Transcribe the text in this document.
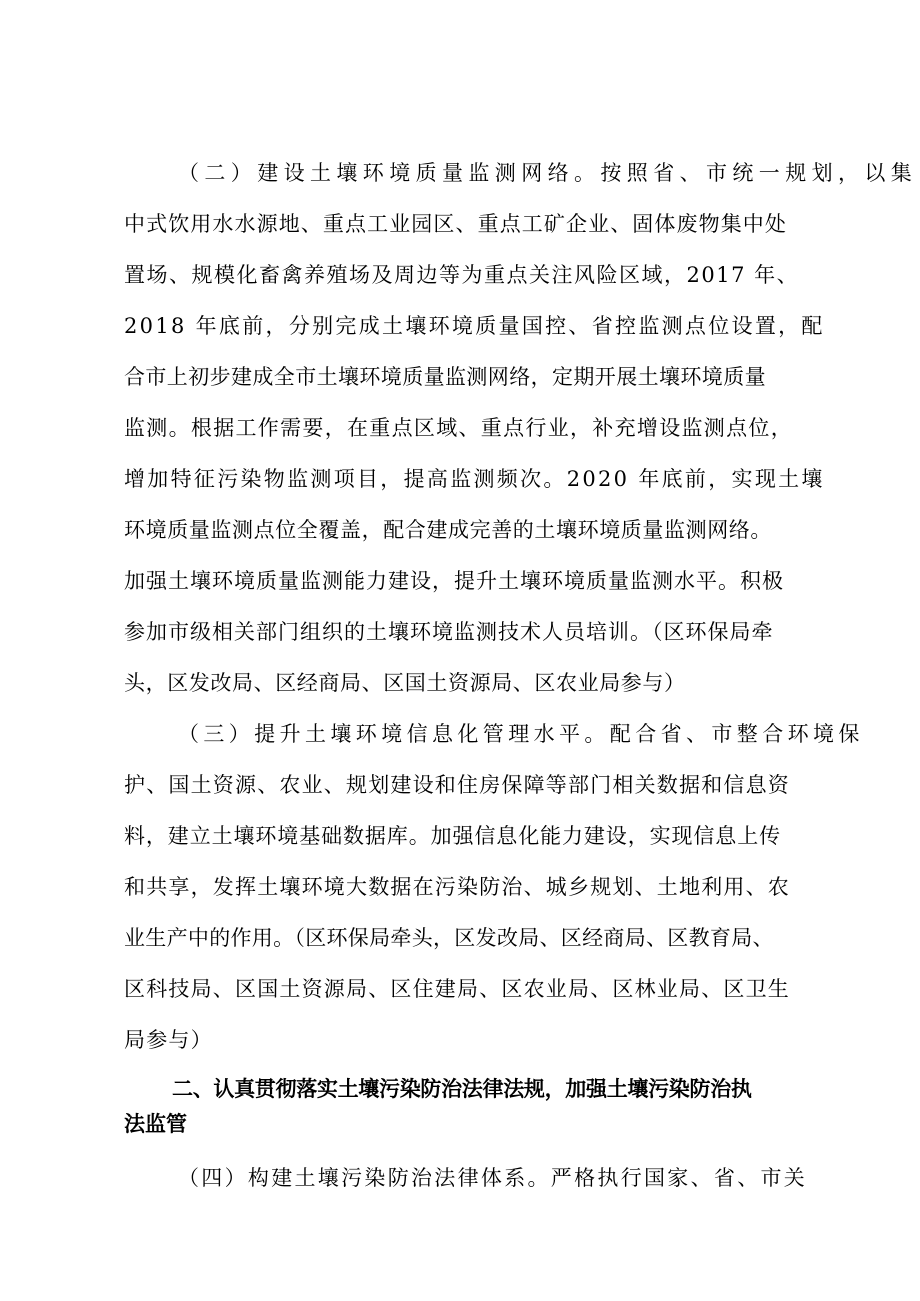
（二）建设土壤环境质量监测网络。按照省、市统一规划，以集
中式饮用水水源地、重点工业园区、重点工矿企业、固体废物集中处
置场、规模化畜禽养殖场及周边等为重点关注风险区域，2017 年、
2018 年底前，分别完成土壤环境质量国控、省控监测点位设置，配
合市上初步建成全市土壤环境质量监测网络，定期开展土壤环境质量
监测。根据工作需要，在重点区域、重点行业，补充增设监测点位，
增加特征污染物监测项目，提高监测频次。2020 年底前，实现土壤
环境质量监测点位全覆盖，配合建成完善的土壤环境质量监测网络。
加强土壤环境质量监测能力建设，提升土壤环境质量监测水平。积极
参加市级相关部门组织的土壤环境监测技术人员培训。（区环保局牵
头，区发改局、区经商局、区国土资源局、区农业局参与）
（三）提升土壤环境信息化管理水平。配合省、市整合环境保
护、国土资源、农业、规划建设和住房保障等部门相关数据和信息资
料，建立土壤环境基础数据库。加强信息化能力建设，实现信息上传
和共享，发挥土壤环境大数据在污染防治、城乡规划、土地利用、农
业生产中的作用。（区环保局牵头，区发改局、区经商局、区教育局、
区科技局、区国土资源局、区住建局、区农业局、区林业局、区卫生
局参与）
二、认真贯彻落实土壤污染防治法律法规，加强土壤污染防治执
法监管
（四）构建土壤污染防治法律体系。严格执行国家、省、市关
